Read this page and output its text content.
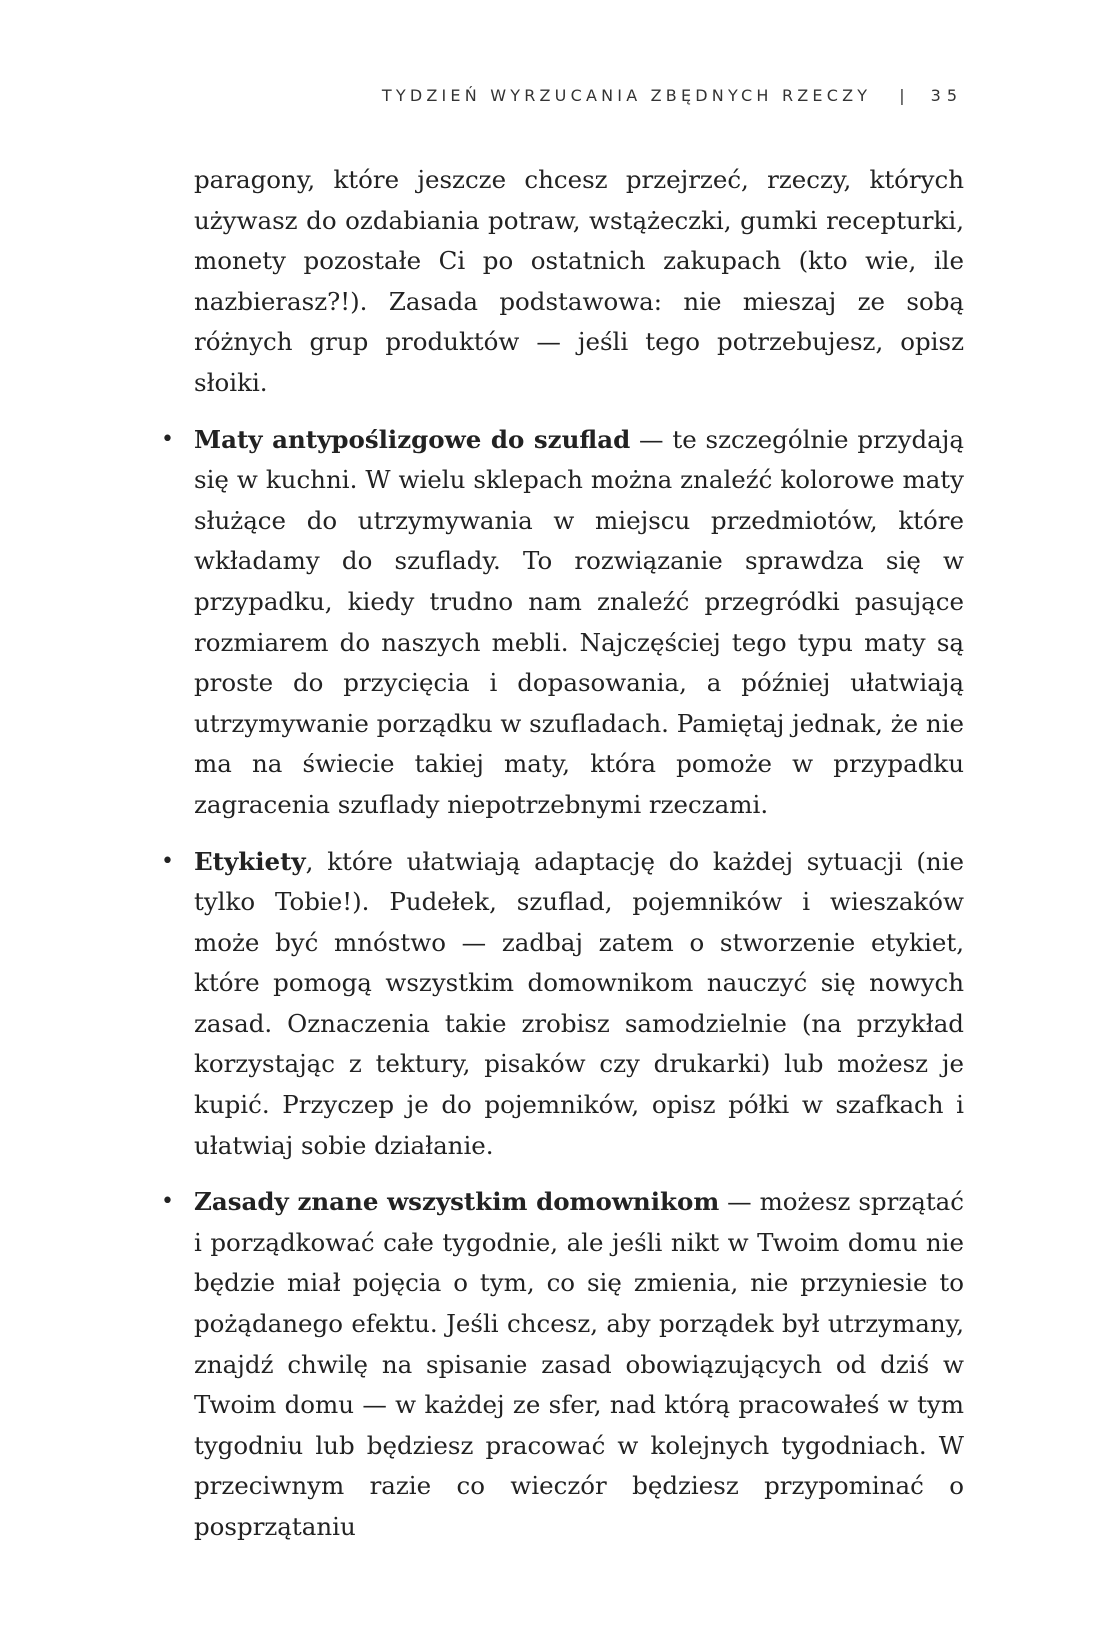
TYDZIEŃ WYRZUCANIA ZBĘDNYCH RZECZY | 35

paragony, które jeszcze chcesz przejrzeć, rzeczy, których używasz do ozdabiania potraw, wstążeczki, gumki recepturki, monety pozostałe Ci po ostatnich zakupach (kto wie, ile nazbierasz?!). Zasada podstawowa: nie mieszaj ze sobą różnych grup produktów — jeśli tego potrzebujesz, opisz słoiki.

• Maty antypoślizgowe do szuflad — te szczególnie przydają się w kuchni. W wielu sklepach można znaleźć kolorowe maty służące do utrzymywania w miejscu przedmiotów, które wkładamy do szuflady. To rozwiązanie sprawdza się w przypadku, kiedy trudno nam znaleźć przegródki pasujące rozmiarem do naszych mebli. Najczęściej tego typu maty są proste do przycięcia i dopasowania, a później ułatwiają utrzymywanie porządku w szufladach. Pamiętaj jednak, że nie ma na świecie takiej maty, która pomoże w przypadku zagracenia szuflady niepotrzebnymi rzeczami.
• Etykiety, które ułatwiają adaptację do każdej sytuacji (nie tylko Tobie!). Pudełek, szuflad, pojemników i wieszaków może być mnóstwo — zadbaj zatem o stworzenie etykiet, które pomogą wszystkim domownikom nauczyć się nowych zasad. Oznaczenia takie zrobisz samodzielnie (na przykład korzystając z tektury, pisaków czy drukarki) lub możesz je kupić. Przyczep je do pojemników, opisz półki w szafkach i ułatwiaj sobie działanie.
• Zasady znane wszystkim domownikom — możesz sprzątać i porządkować całe tygodnie, ale jeśli nikt w Twoim domu nie będzie miał pojęcia o tym, co się zmienia, nie przyniesie to pożądanego efektu. Jeśli chcesz, aby porządek był utrzymany, znajdź chwilę na spisanie zasad obowiązujących od dziś w Twoim domu — w każdej ze sfer, nad którą pracowałeś w tym tygodniu lub będziesz pracować w kolejnych tygodniach. W przeciwnym razie co wieczór będziesz przypominać o posprzątaniu
